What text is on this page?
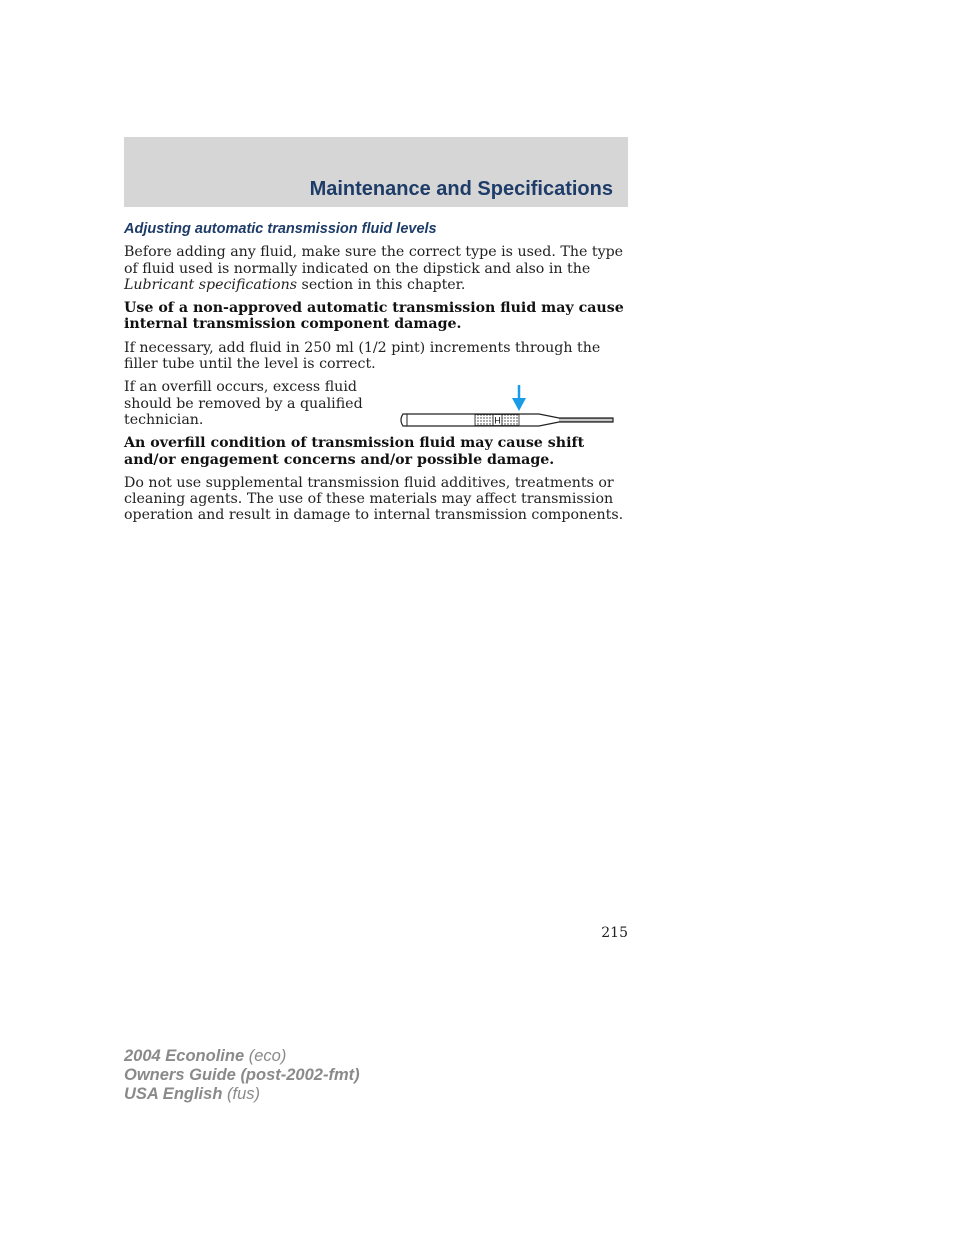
Maintenance and Specifications
Adjusting automatic transmission fluid levels

Before adding any fluid, make sure the correct type is used. The type of fluid used is normally indicated on the dipstick and also in the Lubricant specifications section in this chapter.

Use of a non-approved automatic transmission fluid may cause internal transmission component damage.

If necessary, add fluid in 250 ml (1/2 pint) increments through the filler tube until the level is correct.

If an overfill occurs, excess fluid should be removed by a qualified technician.

An overfill condition of transmission fluid may cause shift and/or engagement concerns and/or possible damage.

Do not use supplemental transmission fluid additives, treatments or cleaning agents. The use of these materials may affect transmission operation and result in damage to internal transmission components.

H
215
2004 Econoline (eco)
Owners Guide (post-2002-fmt)
USA English (fus)
